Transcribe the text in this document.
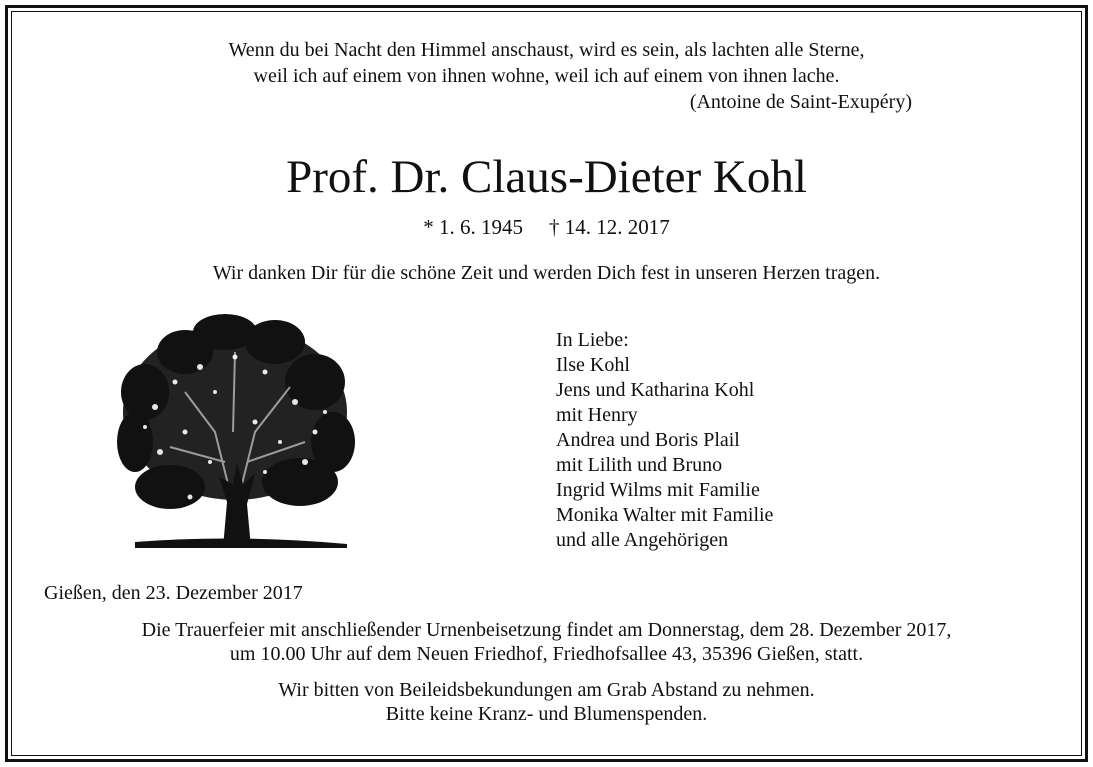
Wenn du bei Nacht den Himmel anschaust, wird es sein, als lachten alle Sterne,
weil ich auf einem von ihnen wohne, weil ich auf einem von ihnen lache.
(Antoine de Saint-Exupéry)
Prof. Dr. Claus-Dieter Kohl
* 1. 6. 1945 † 14. 12. 2017
Wir danken Dir für die schöne Zeit und werden Dich fest in unseren Herzen tragen.
In Liebe:
Ilse Kohl
Jens und Katharina Kohl
mit Henry
Andrea und Boris Plail
mit Lilith und Bruno
Ingrid Wilms mit Familie
Monika Walter mit Familie
und alle Angehörigen
Gießen, den 23. Dezember 2017
Die Trauerfeier mit anschließender Urnenbeisetzung findet am Donnerstag, dem 28. Dezember 2017,
um 10.00 Uhr auf dem Neuen Friedhof, Friedhofsallee 43, 35396 Gießen, statt.
Wir bitten von Beileidsbekundungen am Grab Abstand zu nehmen.
Bitte keine Kranz- und Blumenspenden.
